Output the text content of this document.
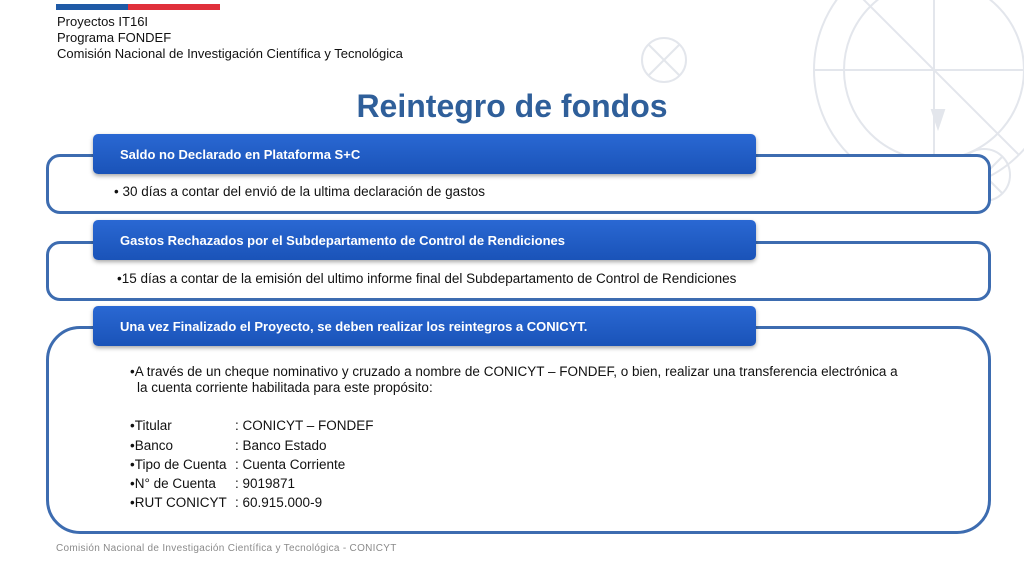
Proyectos IT16I
Programa FONDEF
Comisión Nacional de Investigación Científica y Tecnológica
Reintegro de fondos
Saldo no Declarado en Plataforma S+C
Gastos Rechazados por el Subdepartamento de Control de Rendiciones
Una vez Finalizado el Proyecto, se deben realizar los reintegros a CONICYT.
• 30 días a contar del envió de la ultima declaración de gastos
•15 días a contar de la emisión del ultimo informe final del Subdepartamento de Control de Rendiciones
•A través de un cheque nominativo y cruzado a nombre de CONICYT – FONDEF, o bien, realizar una transferencia electrónica a
la cuenta corriente habilitada para este propósito:
•Titular	: CONICYT – FONDEF
•Banco	: Banco Estado
•Tipo de Cuenta : Cuenta Corriente
•N° de Cuenta	: 9019871
•RUT CONICYT : 60.915.000-9
Comisión Nacional de Investigación Científica y Tecnológica - CONICYT
